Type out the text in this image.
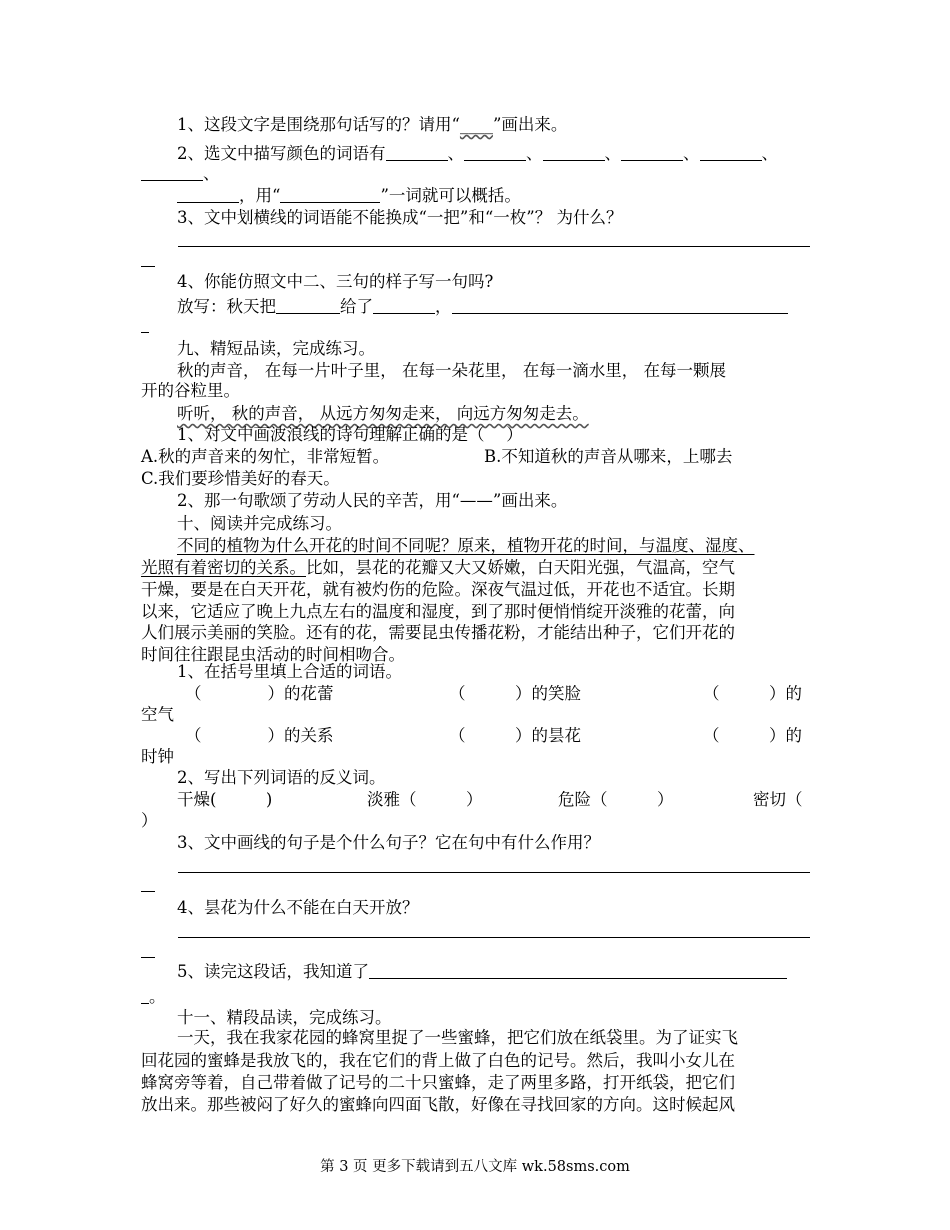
1、这段文字是围绕那句话写的？请用“____”画出来。
2、选文中描写颜色的词语有	、	、	、	、	、
、
，用“	”一词就可以概括。
3、文中划横线的词语能不能换成“一把”和“一枚”？ 为什么？
4、你能仿照文中二、三句的样子写一句吗?
放写：秋天把	给了	，
九、精短品读，完成练习。
秋的声音， 在每一片叶子里， 在每一朵花里， 在每一滴水里， 在每一颗展
开的谷粒里。
听听， 秋的声音， 从远方匆匆走来， 向远方匆匆走去。
1、对文中画波浪线的诗句理解正确的是（　 ）
A.秋的声音来的匆忙，非常短暂。	B.不知道秋的声音从哪来，上哪去
C.我们要珍惜美好的春天。
2、那一句歌颂了劳动人民的辛苦，用“——”画出来。
十、阅读并完成练习。
不同的植物为什么开花的时间不同呢？原来，植物开花的时间，与温度、湿度、
光照有着密切的关系。比如，昙花的花瓣又大又娇嫩，白天阳光强，气温高，空气
干燥，要是在白天开花，就有被灼伤的危险。深夜气温过低，开花也不适宜。长期
以来，它适应了晚上九点左右的温度和湿度，到了那时便悄悄绽开淡雅的花蕾，向
人们展示美丽的笑脸。还有的花，需要昆虫传播花粉，才能结出种子，它们开花的
时间往往跟昆虫活动的时间相吻合。
1、在括号里填上合适的词语。
（　　　　）的花蕾	（　　　）的笑脸	（　　　）的
空气
（　　　　）的关系	（　　　）的昙花	（　　　）的
时钟
2、写出下列词语的反义词。
干燥(　　　)	淡雅（　　　）	危险（　　　）	密切（
）
3、文中画线的句子是个什么句子？它在句中有什么作用？
4、昙花为什么不能在白天开放？
5、读完这段话，我知道了
。
十一、精段品读，完成练习。
一天，我在我家花园的蜂窝里捉了一些蜜蜂，把它们放在纸袋里。为了证实飞
回花园的蜜蜂是我放飞的，我在它们的背上做了白色的记号。然后，我叫小女儿在
蜂窝旁等着，自己带着做了记号的二十只蜜蜂，走了两里多路，打开纸袋，把它们
放出来。那些被闷了好久的蜜蜂向四面飞散，好像在寻找回家的方向。这时候起风
第 3 页 更多下载请到五八文库 wk.58sms.com
